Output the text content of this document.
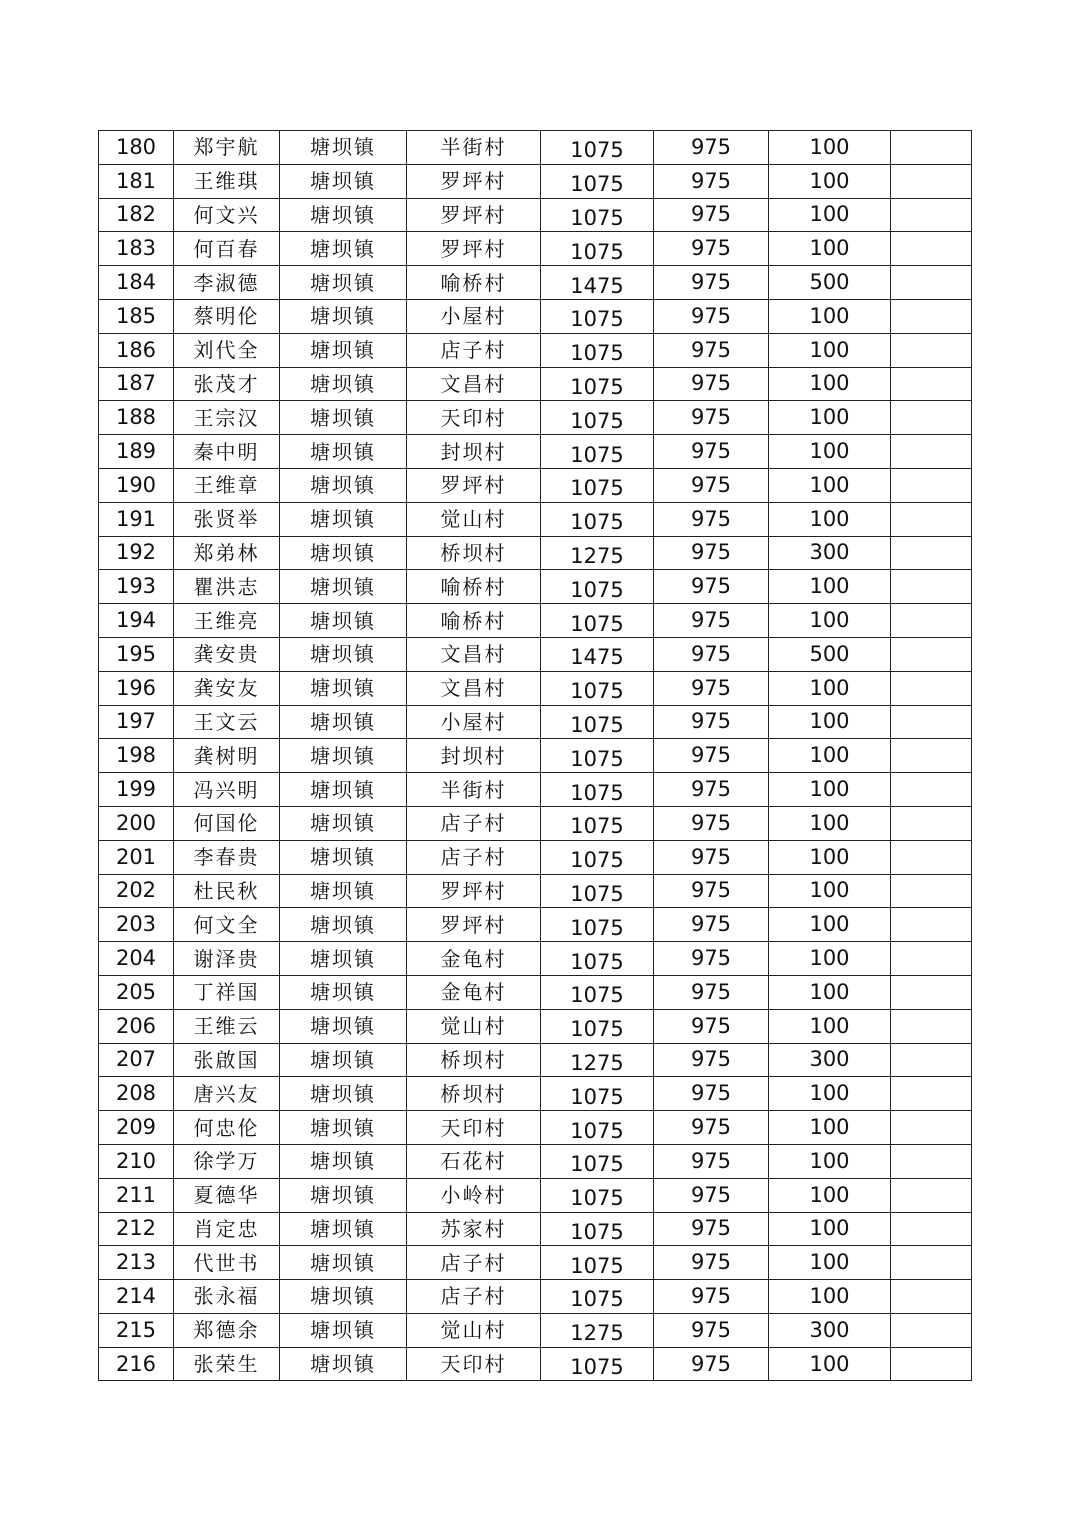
180	郑宇航	塘坝镇	半街村	1075	975	100	
181	王维琪	塘坝镇	罗坪村	1075	975	100	
182	何文兴	塘坝镇	罗坪村	1075	975	100	
183	何百春	塘坝镇	罗坪村	1075	975	100	
184	李淑德	塘坝镇	喻桥村	1475	975	500	
185	蔡明伦	塘坝镇	小屋村	1075	975	100	
186	刘代全	塘坝镇	店子村	1075	975	100	
187	张茂才	塘坝镇	文昌村	1075	975	100	
188	王宗汉	塘坝镇	天印村	1075	975	100	
189	秦中明	塘坝镇	封坝村	1075	975	100	
190	王维章	塘坝镇	罗坪村	1075	975	100	
191	张贤举	塘坝镇	觉山村	1075	975	100	
192	郑弟林	塘坝镇	桥坝村	1275	975	300	
193	瞿洪志	塘坝镇	喻桥村	1075	975	100	
194	王维亮	塘坝镇	喻桥村	1075	975	100	
195	龚安贵	塘坝镇	文昌村	1475	975	500	
196	龚安友	塘坝镇	文昌村	1075	975	100	
197	王文云	塘坝镇	小屋村	1075	975	100	
198	龚树明	塘坝镇	封坝村	1075	975	100	
199	冯兴明	塘坝镇	半街村	1075	975	100	
200	何国伦	塘坝镇	店子村	1075	975	100	
201	李春贵	塘坝镇	店子村	1075	975	100	
202	杜民秋	塘坝镇	罗坪村	1075	975	100	
203	何文全	塘坝镇	罗坪村	1075	975	100	
204	谢泽贵	塘坝镇	金龟村	1075	975	100	
205	丁祥国	塘坝镇	金龟村	1075	975	100	
206	王维云	塘坝镇	觉山村	1075	975	100	
207	张啟国	塘坝镇	桥坝村	1275	975	300	
208	唐兴友	塘坝镇	桥坝村	1075	975	100	
209	何忠伦	塘坝镇	天印村	1075	975	100	
210	徐学万	塘坝镇	石花村	1075	975	100	
211	夏德华	塘坝镇	小岭村	1075	975	100	
212	肖定忠	塘坝镇	苏家村	1075	975	100	
213	代世书	塘坝镇	店子村	1075	975	100	
214	张永福	塘坝镇	店子村	1075	975	100	
215	郑德余	塘坝镇	觉山村	1275	975	300	
216	张荣生	塘坝镇	天印村	1075	975	100	
